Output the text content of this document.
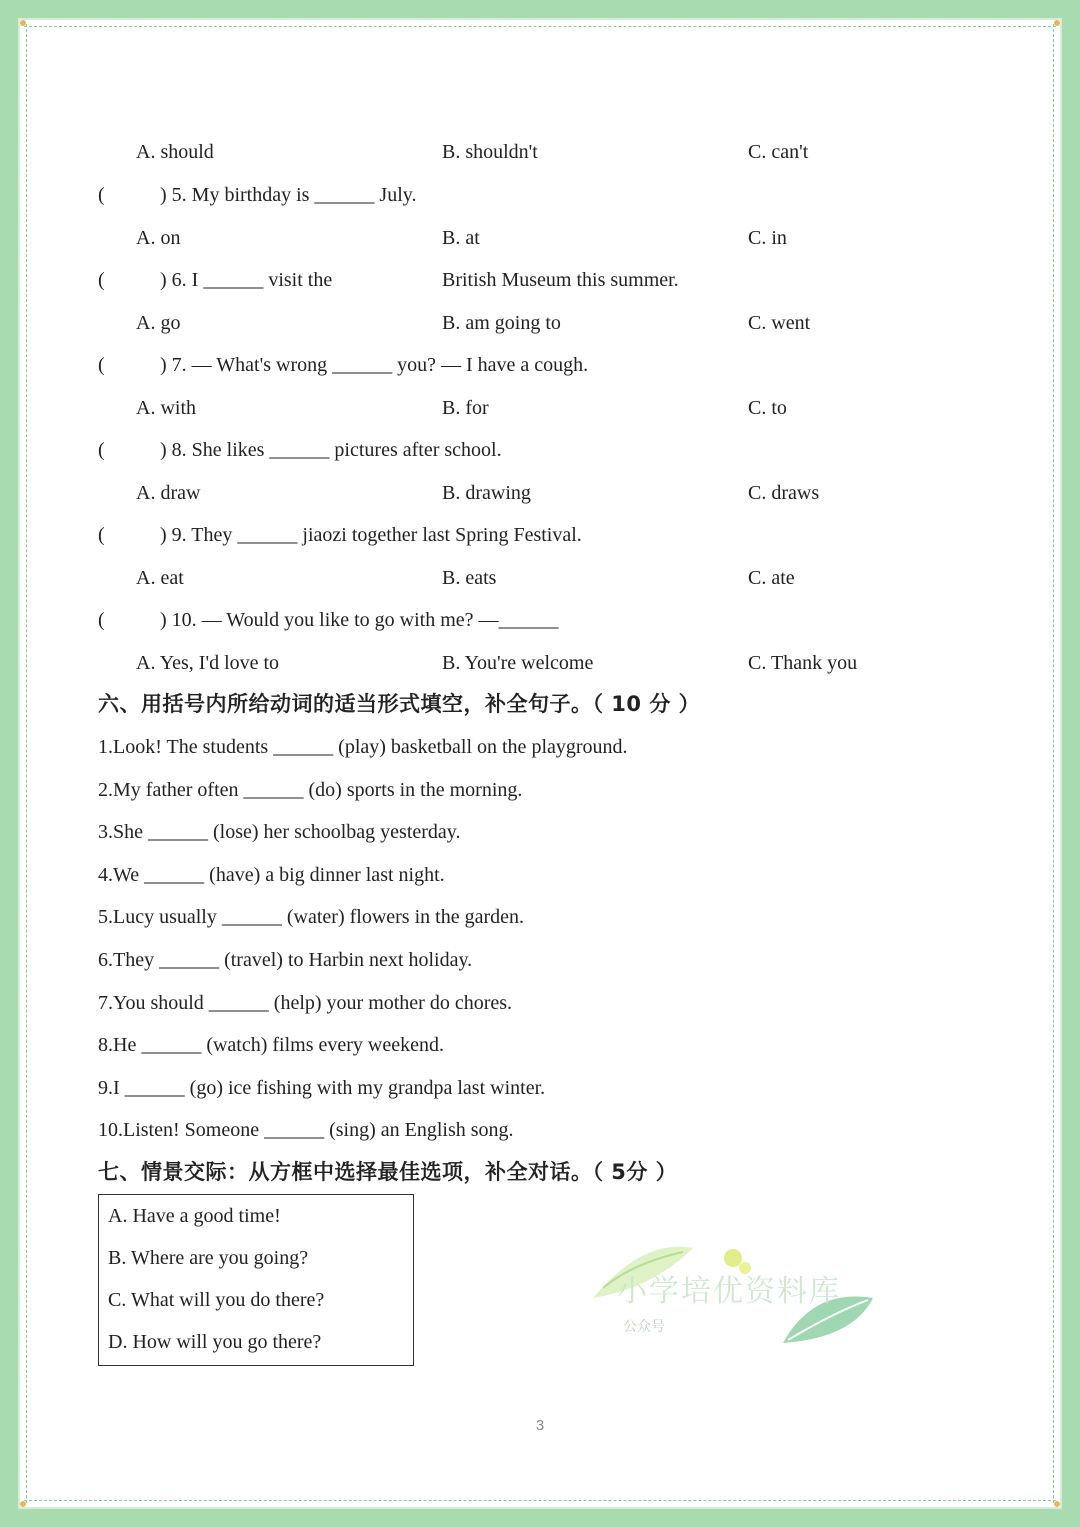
A. should	B. shouldn't	C. can't
(	) 5. My birthday is ______ July.
A. on	B. at	C. in
(	) 6. I ______ visit the	British Museum this summer.
A. go	B. am going to	C. went
(	) 7. — What's wrong ______ you? — I have a cough.
A. with	B. for	C. to
(	) 8. She likes ______ pictures after school.
A. draw	B. drawing	C. draws
(	) 9. They ______ jiaozi together last Spring Festival.
A. eat	B. eats	C. ate
(	) 10. — Would you like to go with me? —______
A. Yes, I'd love to	B. You're welcome	C. Thank you
六、用括号内所给动词的适当形式填空，补全句子。（ 10 分 ）
1.Look! The students ______ (play) basketball on the playground.
2.My father often ______ (do) sports in the morning.
3.She ______ (lose) her schoolbag yesterday.
4.We ______ (have) a big dinner last night.
5.Lucy usually ______ (water) flowers in the garden.
6.They ______ (travel) to Harbin next holiday.
7.You should ______ (help) your mother do chores.
8.He ______ (watch) films every weekend.
9.I ______ (go) ice fishing with my grandpa last winter.
10.Listen! Someone ______ (sing) an English song.
七、情景交际：从方框中选择最佳选项，补全对话。（ 5分 ）
A. Have a good time!
B. Where are you going?
C. What will you do there?
D. How will you go there?
小学培优资料库
公众号
3
